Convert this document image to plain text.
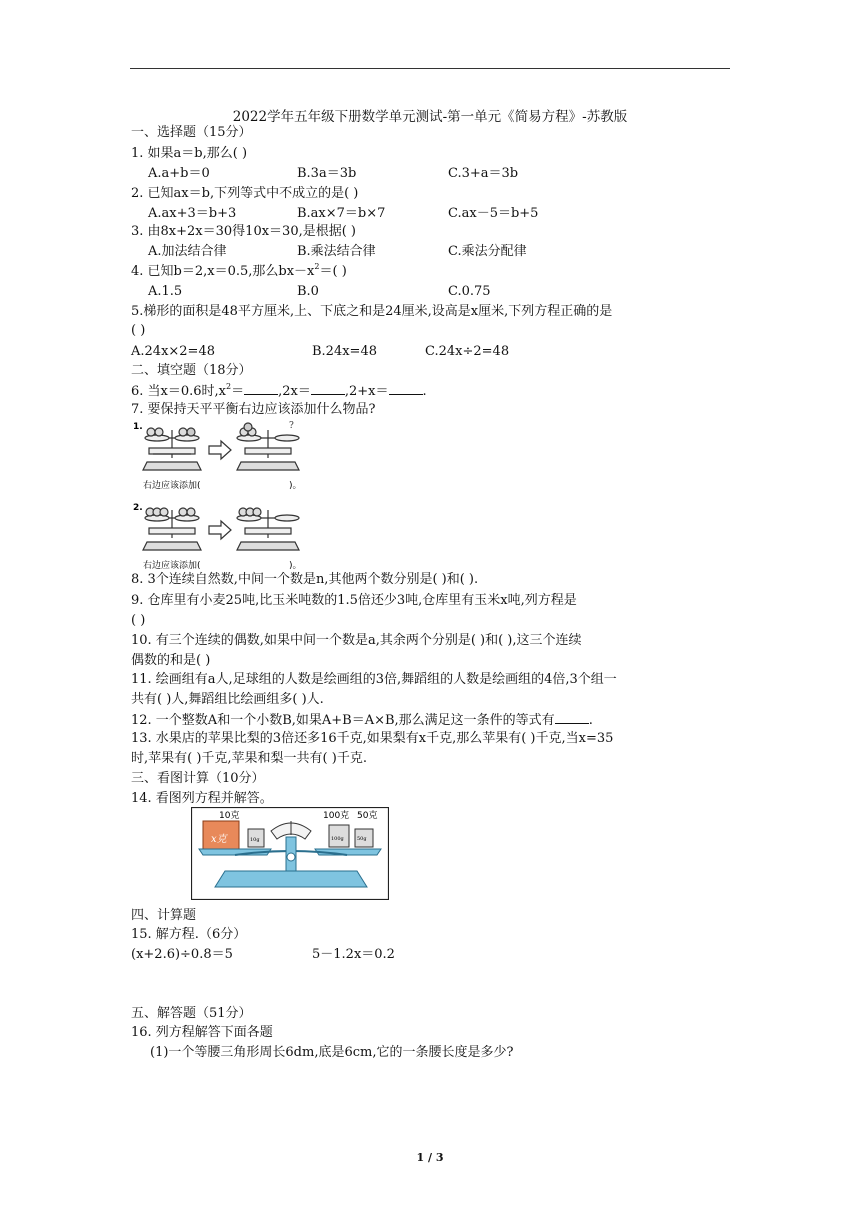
2022学年五年级下册数学单元测试-第一单元《简易方程》-苏教版
一、选择题（15分）
1. 如果a＝b,那么( )
A.a+b＝0	B.3a＝3b	C.3+a＝3b
2. 已知ax＝b,下列等式中不成立的是( )
A.ax+3＝b+3	B.ax×7＝b×7	C.ax－5＝b+5
3. 由8x+2x＝30得10x＝30,是根据( )
A.加法结合律	B.乘法结合律	C.乘法分配律
4. 已知b＝2,x＝0.5,那么$bx-x^2=$( )
A.1.5	B.0	C.0.75
5.梯形的面积是48平方厘米,上、下底之和是24厘米,设高是x厘米,下列方程正确的是
( )
A.24x×2=48	B.24x=48	C.24x÷2=48
二、填空题（18分）
6. 当x＝0.6时$,x^2=$	,2x＝	,2+x＝	.
7. 要保持天平平衡右边应该添加什么物品?
1.	?
右边应该添加(	)。
2.
右边应该添加(	)。
8. 3个连续自然数,中间一个数是n,其他两个数分别是( )和( ).
9. 仓库里有小麦25吨,比玉米吨数的1.5倍还少3吨,仓库里有玉米x吨,列方程是
( )
10. 有三个连续的偶数,如果中间一个数是a,其余两个分别是( )和( ),这三个连续
偶数的和是( )
11. 绘画组有a人,足球组的人数是绘画组的3倍,舞蹈组的人数是绘画组的4倍,3个组一
共有( )人,舞蹈组比绘画组多( )人.
12. 一个整数A和一个小数B,如果A+B＝A×B,那么满足这一条件的等式有	.
13. 水果店的苹果比梨的3倍还多16千克,如果梨有x千克,那么苹果有( )千克,当x=35
时,苹果有( )千克,苹果和梨一共有( )千克.
三、看图计算（10分）
14. 看图列方程并解答。
10克	100克 50克
x克	10g	100g	50g
四、计算题
15. 解方程.（6分）
(x+2.6)÷0.8＝5	5－1.2x＝0.2
五、解答题（51分）
16. 列方程解答下面各题
(1)一个等腰三角形周长6dm,底是6cm,它的一条腰长度是多少?
1 / 3
